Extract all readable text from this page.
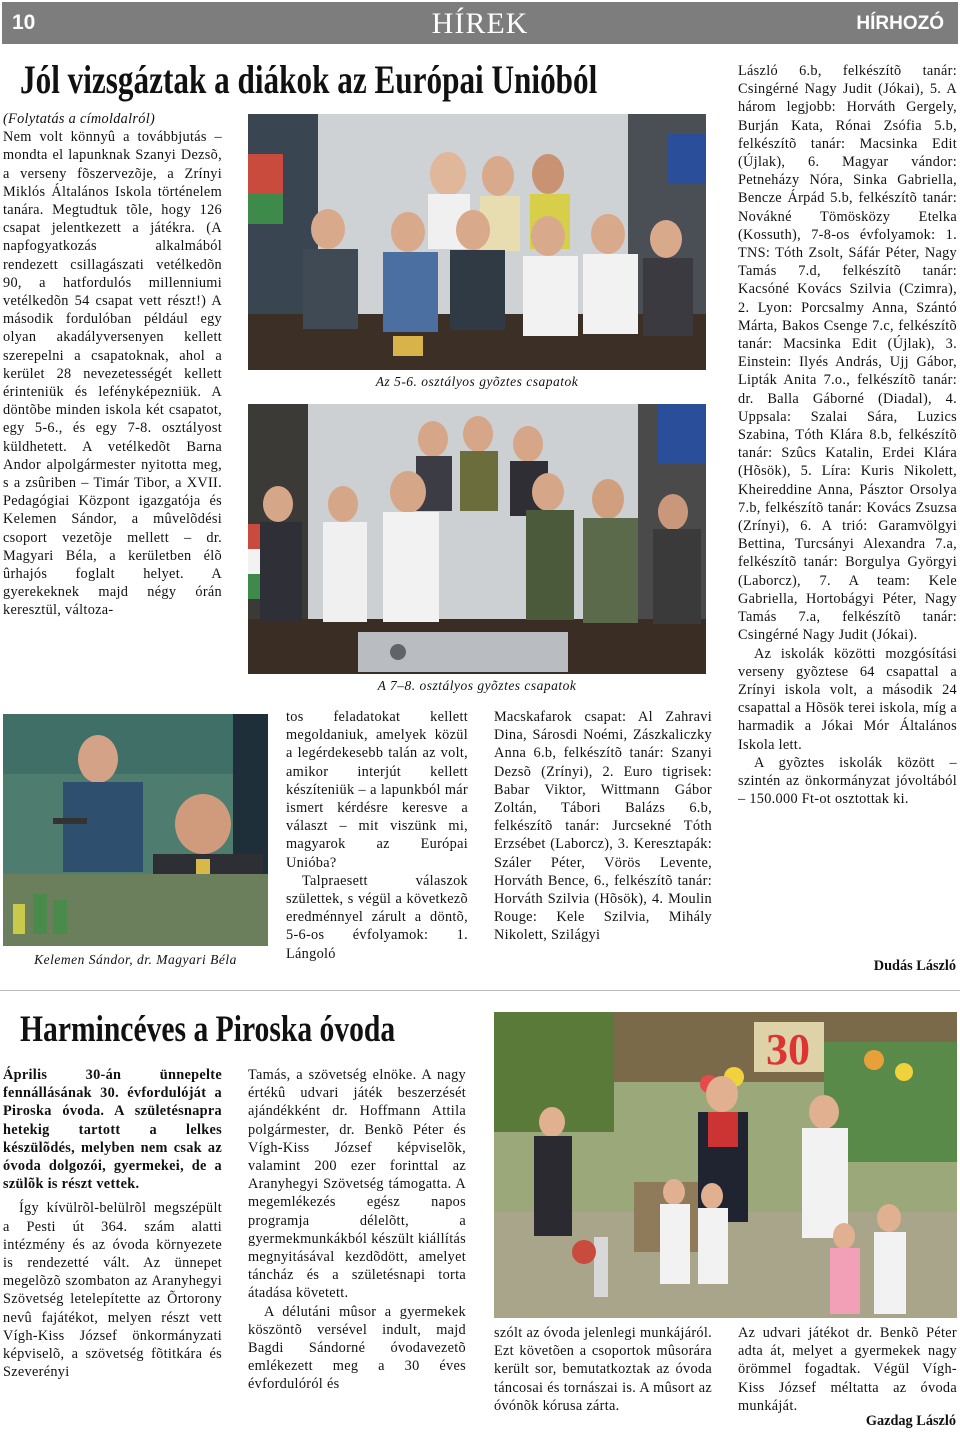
10	HÍREK	HÍRHOZÓ
Jól vizsgáztak a diákok az Európai Unióból

(Folytatás a címoldalról)

Nem volt könnyû a továbbjutás – mondta el lapunknak Szanyi Dezsõ, a verseny fõszervezõje, a Zrínyi Miklós Általános Iskola történelem tanára. Megtudtuk tõle, hogy 126 csapat jelentkezett a játékra. (A napfogyatkozás alkalmából rendezett csillagászati vetélkedõn 90, a hatfordulós millenniumi vetélkedõn 54 csapat vett részt!) A második fordulóban például egy olyan akadályversenyen kellett szerepelni a csapatoknak, ahol a kerület 28 nevezetességét kellett érinteniük és lefényképezniük. A döntõbe minden iskola két csapatot, egy 5-6., és egy 7-8. osztályost küldhetett. A vetélkedõt Barna Andor alpolgármester nyitotta meg, s a zsûriben – Timár Tibor, a XVII. Pedagógiai Központ igazgatója és Kelemen Sándor, a mûvelõdési csoport vezetõje mellett – dr. Magyari Béla, a kerületben élõ ûrhajós foglalt helyet. A gyerekeknek majd négy órán keresztül, változa-

Az 5-6. osztályos gyõztes csapatok
A 7–8. osztályos gyõztes csapatok
Kelemen Sándor, dr. Magyari Béla

tos feladatokat kellett megoldaniuk, amelyek közül a legérdekesebb talán az volt, amikor interjút kellett készíteniük – a lapunkból már ismert kérdésre keresve a választ – mit viszünk mi, magyarok az Európai Unióba?

Talpraesett válaszok születtek, s végül a következõ eredménnyel zárult a döntõ, 5-6-os évfolyamok: 1. Lángoló

Macskafarok csapat: Al Zahravi Dina, Sárosdi Noémi, Zászkaliczky Anna 6.b, felkészítõ tanár: Szanyi Dezsõ (Zrínyi), 2. Euro tigrisek: Babar Viktor, Wittmann Gábor Zoltán, Tábori Balázs 6.b, felkészítõ tanár: Jurcsekné Tóth Erzsébet (Laborcz), 3. Keresztapák: Száler Péter, Vörös Levente, Horváth Bence, 6., felkészítõ tanár: Horváth Szilvia (Hõsök), 4. Moulin Rouge: Kele Szilvia, Mihály Nikolett, Szilágyi

László 6.b, felkészítõ tanár: Csingérné Nagy Judit (Jókai), 5. A három legjobb: Horváth Gergely, Burján Kata, Rónai Zsófia 5.b, felkészítõ tanár: Macsinka Edit (Újlak), 6. Magyar vándor: Petneházy Nóra, Sinka Gabriella, Bencze Árpád 5.b, felkészítõ tanár: Novákné Tömösközy Etelka (Kossuth), 7-8-os évfolyamok: 1. TNS: Tóth Zsolt, Sáfár Péter, Nagy Tamás 7.d, felkészítõ tanár: Kacsóné Kovács Szilvia (Czimra), 2. Lyon: Porcsalmy Anna, Szántó Márta, Bakos Csenge 7.c, felkészítõ tanár: Macsinka Edit (Újlak), 3. Einstein: Ilyés András, Ujj Gábor, Lipták Anita 7.o., felkészítõ tanár: dr. Balla Gáborné (Diadal), 4. Uppsala: Szalai Sára, Luzics Szabina, Tóth Klára 8.b, felkészítõ tanár: Szûcs Katalin, Erdei Klára (Hõsök), 5. Líra: Kuris Nikolett, Kheireddine Anna, Pásztor Orsolya 7.b, felkészítõ tanár: Kovács Zsuzsa (Zrínyi), 6. A trió: Garamvölgyi Bettina, Turcsányi Alexandra 7.a, felkészítõ tanár: Borgulya Györgyi (Laborcz), 7. A team: Kele Gabriella, Hortobágyi Péter, Nagy Tamás 7.a, felkészítõ tanár: Csingérné Nagy Judit (Jókai).

Az iskolák közötti mozgósítási verseny gyõztese 64 csapattal a Zrínyi iskola volt, a második 24 csapattal a Hõsök terei iskola, míg a harmadik a Jókai Mór Általános Iskola lett.

A gyõztes iskolák között – szintén az önkormányzat jóvoltából – 150.000 Ft-ot osztottak ki.

Dudás László
Harmincéves a Piroska óvoda

Április 30-án ünnepelte fennállásának 30. évfordulóját a Piroska óvoda. A születésnapra hetekig tartott a lelkes készülõdés, melyben nem csak az óvoda dolgozói, gyermekei, de a szülõk is részt vettek.

Így kívülrõl-belülrõl megszépült a Pesti út 364. szám alatti intézmény és az óvoda környezete is rendezetté vált. Az ünnepet megelõzõ szombaton az Aranyhegyi Szövetség letelepítette az Õrtorony nevû fajátékot, melyen részt vett Vígh-Kiss József önkormányzati képviselõ, a szövetség fõtitkára és Szeverényi

Tamás, a szövetség elnöke. A nagy értékû udvari játék beszerzését ajándékként dr. Hoffmann Attila polgármester, dr. Benkõ Péter és Vígh-Kiss József képviselõk, valamint 200 ezer forinttal az Aranyhegyi Szövetség támogatta. A megemlékezés egész napos programja délelõtt, a gyermekmunkákból készült kiállítás megnyitásával kezdõdött, amelyet táncház és a születésnapi torta átadása követett.

A délutáni mûsor a gyermekek köszöntõ versével indult, majd Bagdi Sándorné óvodavezetõ emlékezett meg a 30 éves évfordulóról és

30

szólt az óvoda jelenlegi munkájáról. Ezt követõen a csoportok mûsorára került sor, bemutatkoztak az óvoda táncosai és tornászai is. A mûsort az óvónõk kórusa zárta.

Az udvari játékot dr. Benkõ Péter adta át, melyet a gyermekek nagy örömmel fogadtak. Végül Vígh-Kiss József méltatta az óvoda munkáját.

Gazdag László
